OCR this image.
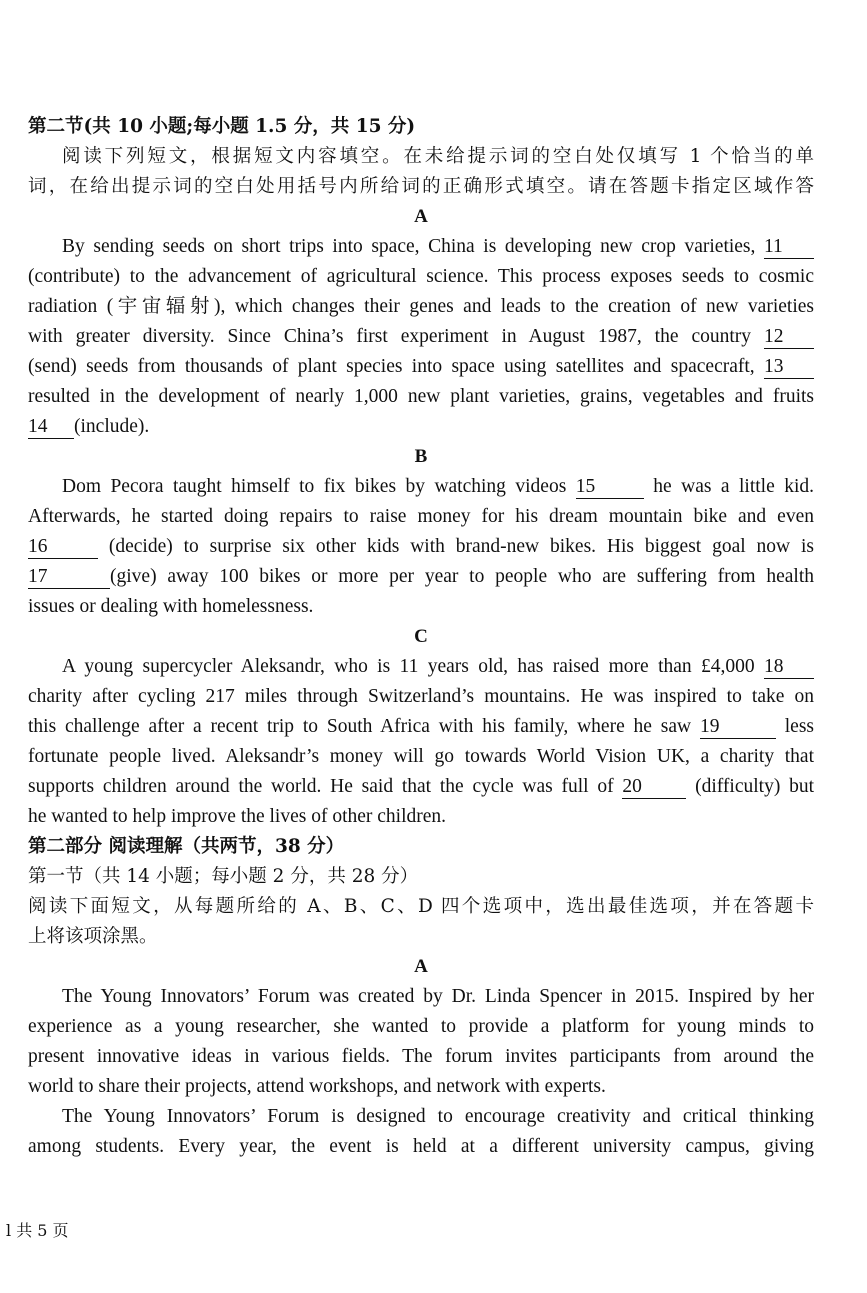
第二节(共 10 小题;每小题 1.5 分，共 15 分)
阅读下列短文，根据短文内容填空。在未给提示词的空白处仅填写 1 个恰当的单
词，在给出提示词的空白处用括号内所给词的正确形式填空。请在答题卡指定区域作答
A
By sending seeds on short trips into space, China is developing new crop varieties, 11
(contribute) to the advancement of agricultural science. This process exposes seeds to cosmic
radiation (宇宙辐射), which changes their genes and leads to the creation of new varieties
with greater diversity. Since China’s first experiment in August 1987, the country 12
(send) seeds from thousands of plant species into space using satellites and spacecraft, 13
resulted in the development of nearly 1,000 new plant varieties, grains, vegetables and fruits
14 (include).
B
Dom Pecora taught himself to fix bikes by watching videos 15	he was a little kid.
Afterwards, he started doing repairs to raise money for his dream mountain bike and even
16	(decide) to surprise six other kids with brand-new bikes. His biggest goal now is
17	(give) away 100 bikes or more per year to people who are suffering from health
issues or dealing with homelessness.
C
A young supercycler Aleksandr, who is 11 years old, has raised more than £4,000 18
charity after cycling 217 miles through Switzerland’s mountains. He was inspired to take on
this challenge after a recent trip to South Africa with his family, where he saw 19	less
fortunate people lived. Aleksandr’s money will go towards World Vision UK, a charity that
supports children around the world. He said that the cycle was full of 20	(difficulty) but
he wanted to help improve the lives of other children.
第二部分 阅读理解（共两节，38 分）
第一节（共 14 小题；每小题 2 分，共 28 分）
阅读下面短文，从每题所给的 A、B、C、D 四个选项中，选出最佳选项，并在答题卡
上将该项涂黑。
A
The Young Innovators’ Forum was created by Dr. Linda Spencer in 2015. Inspired by her
experience as a young researcher, she wanted to provide a platform for young minds to
present innovative ideas in various fields. The forum invites participants from around the
world to share their projects, attend workshops, and network with experts.
The Young Innovators’ Forum is designed to encourage creativity and critical thinking
among students. Every year, the event is held at a different university campus, giving
l 共 5 页
